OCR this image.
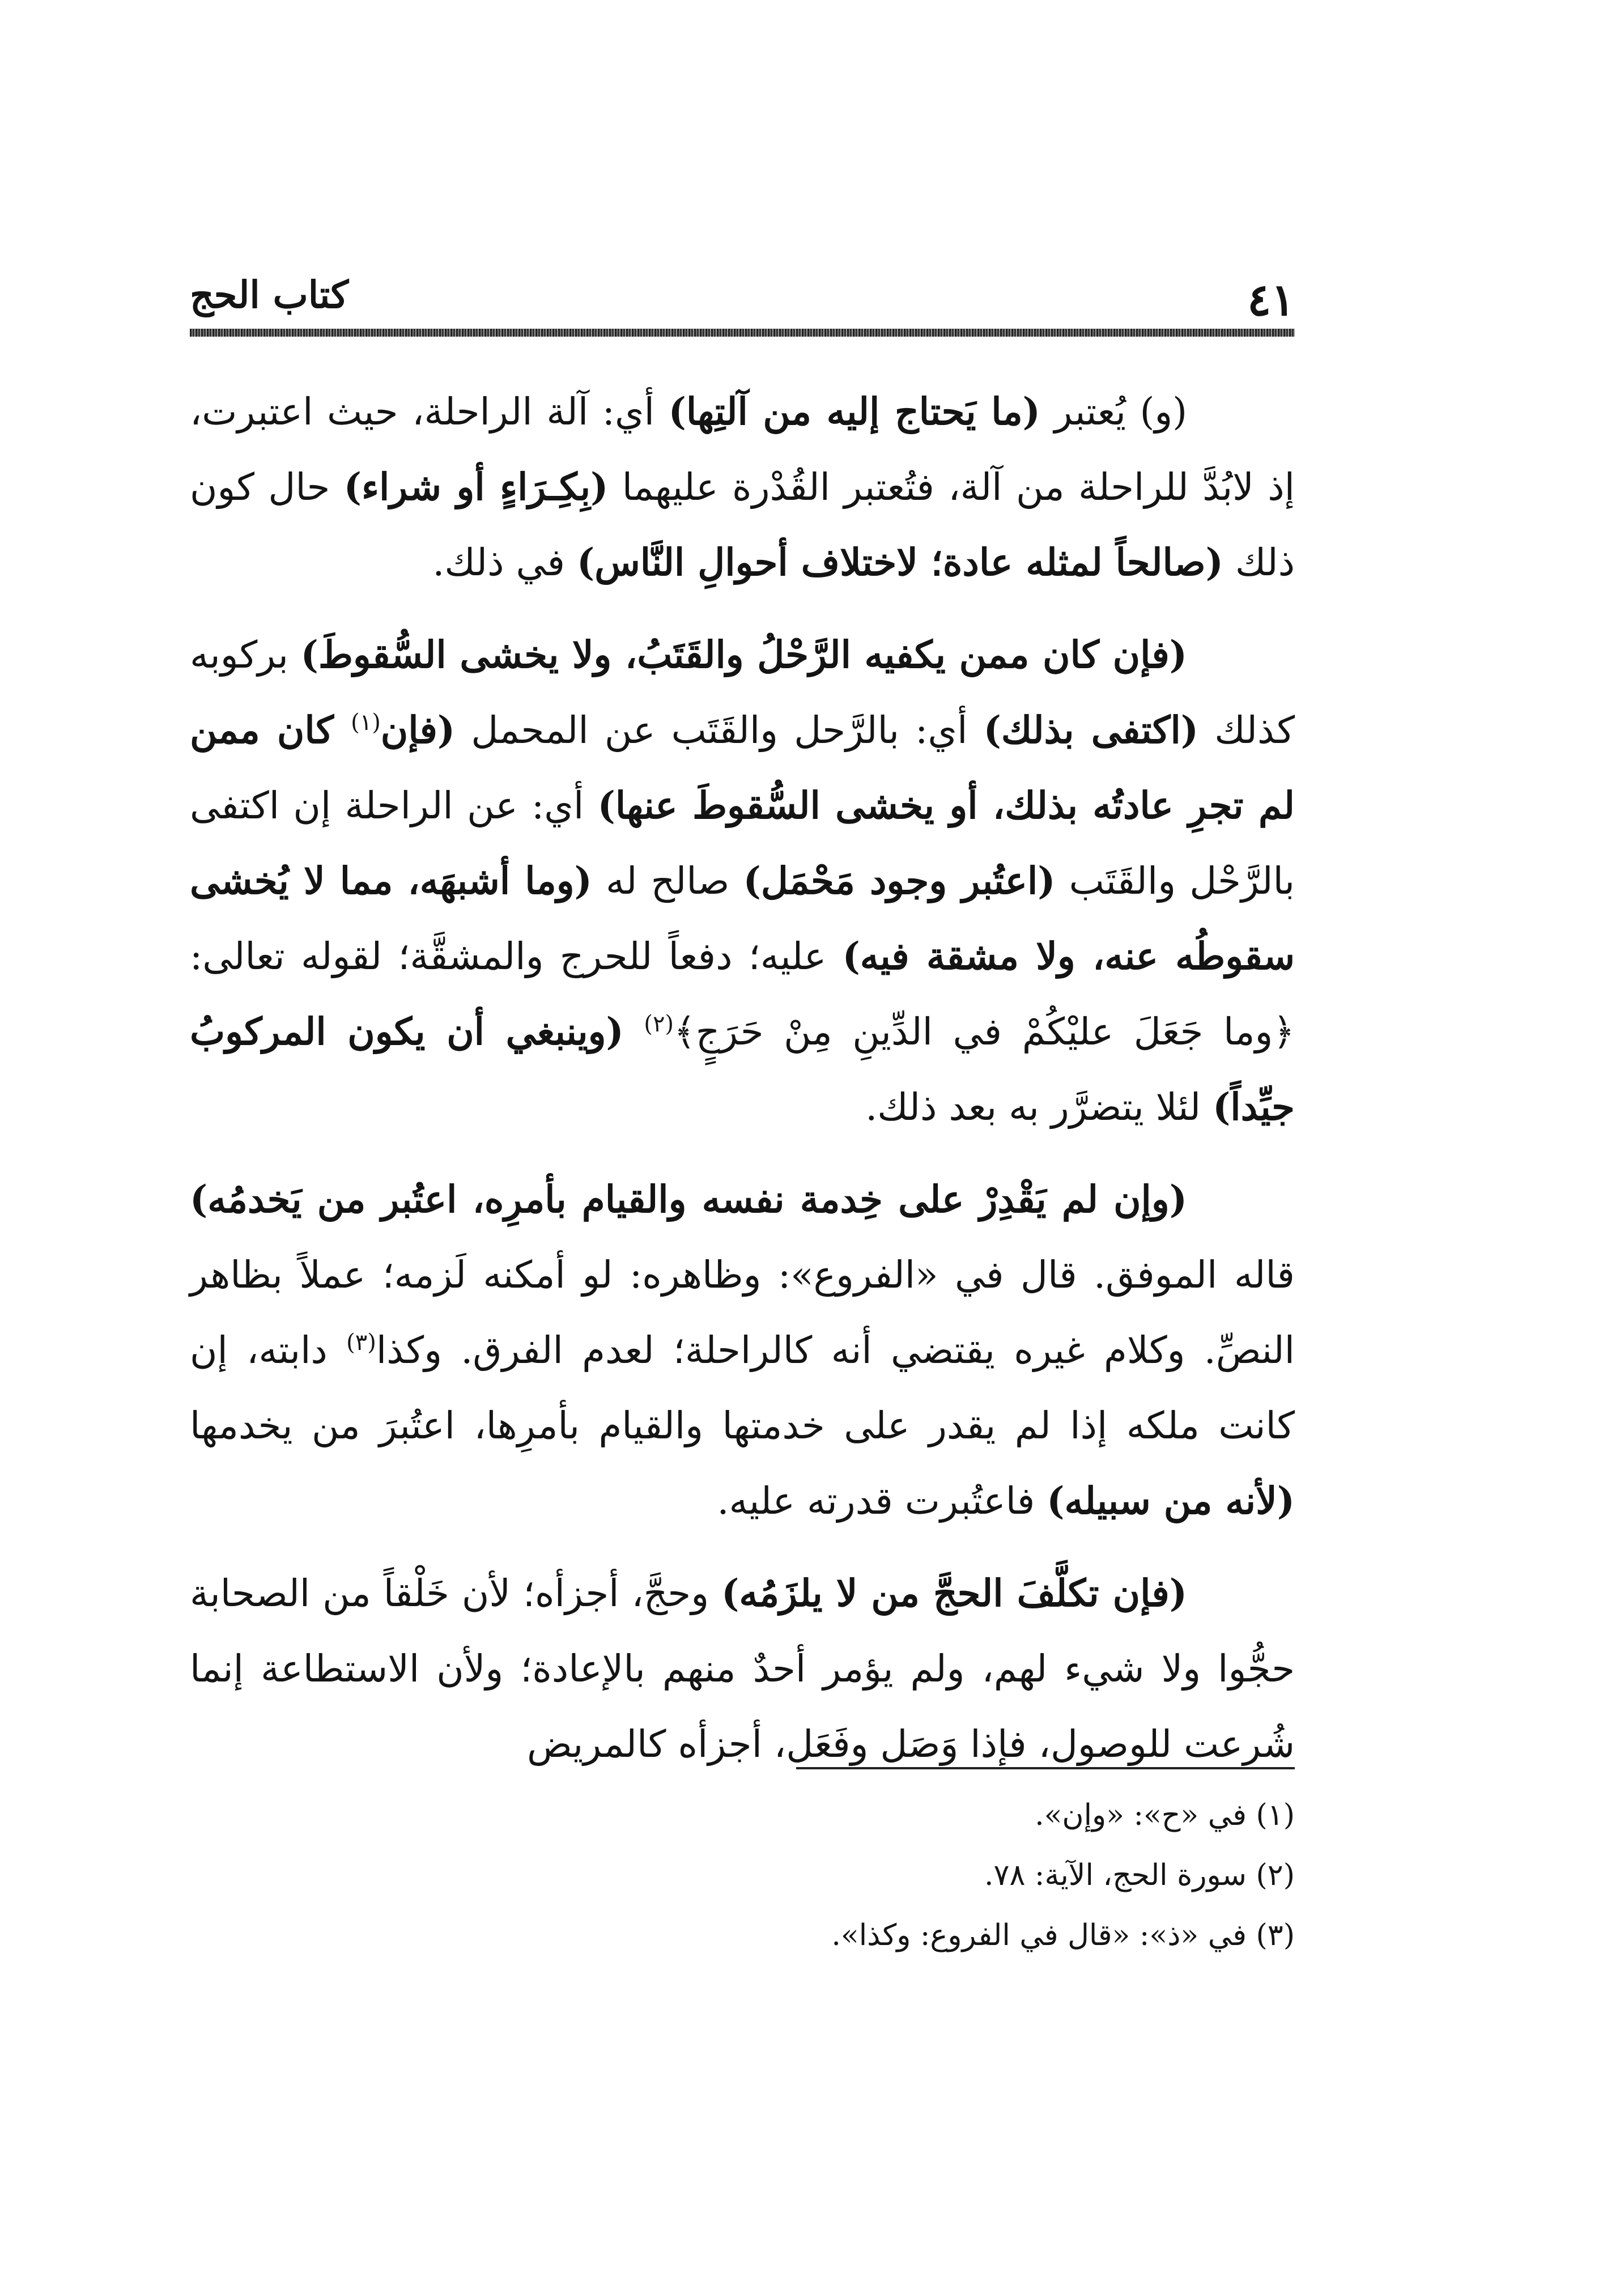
٤١
كتاب الحج

(و) يُعتبر (ما يَحتاج إليه من آلتِها) أي: آلة الراحلة، حيث اعتبرت، إذ لابُدَّ للراحلة من آلة، فتُعتبر القُدْرة عليهما (بِكِـرَاءٍ أو شراء) حال كون ذلك (صالحاً لمثله عادة؛ لاختلاف أحوالِ النَّاس) في ذلك.

(فإن كان ممن يكفيه الرَّحْلُ والقَتَبُ، ولا يخشى السُّقوطَ) بركوبه كذلك (اكتفى بذلك) أي: بالرَّحل والقَتَب عن المحمل (فإن$^{(١)}$ كان ممن لم تجرِ عادتُه بذلك، أو يخشى السُّقوطَ عنها) أي: عن الراحلة إن اكتفى بالرَّحْل والقَتَب (اعتُبر وجود مَحْمَل) صالح له (وما أشبهَه، مما لا يُخشى سقوطُه عنه، ولا مشقة فيه) عليه؛ دفعاً للحرج والمشقَّة؛ لقوله تعالى: ﴿وما جَعَلَ عليْكُمْ في الدِّينِ مِنْ حَرَجٍ﴾$^{(٢)}$ (وينبغي أن يكون المركوبُ جيِّداً) لئلا يتضرَّر به بعد ذلك.

(وإن لم يَقْدِرْ على خِدمة نفسه والقيام بأمرِه، اعتُبر من يَخدمُه) قاله الموفق. قال في «الفروع»: وظاهره: لو أمكنه لَزمه؛ عملاً بظاهر النصِّ. وكلام غيره يقتضي أنه كالراحلة؛ لعدم الفرق. وكذا$^{(٣)}$ دابته، إن كانت ملكه إذا لم يقدر على خدمتها والقيام بأمرِها، اعتُبرَ من يخدمها (لأنه من سبيله) فاعتُبرت قدرته عليه.

(فإن تكلَّفَ الحجَّ من لا يلزَمُه) وحجَّ، أجزأه؛ لأن خَلْقاً من الصحابة حجُّوا ولا شيء لهم، ولم يؤمر أحدٌ منهم بالإعادة؛ ولأن الاستطاعة إنما شُرعت للوصول، فإذا وَصَل وفَعَل، أجزأه كالمريض

(١) في «ح»: «وإن».

(٢) سورة الحج، الآية: ٧٨.

(٣) في «ذ»: «قال في الفروع: وكذا».
